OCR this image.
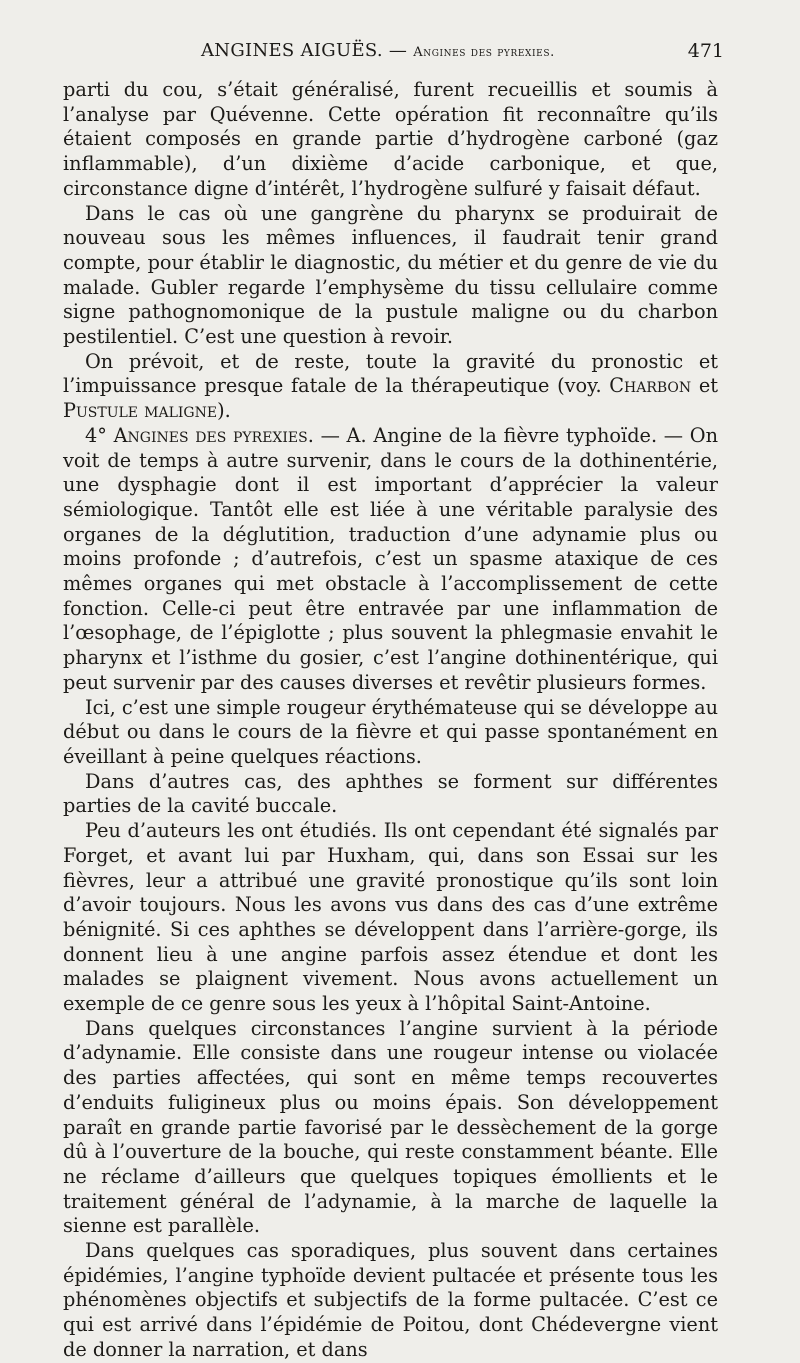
ANGINES AIGUËS. — Angines des pyrexies.	471

parti du cou, s’était généralisé, furent recueillis et soumis à l’analyse par Quévenne. Cette opération fit reconnaître qu’ils étaient composés en grande partie d’hydrogène carboné (gaz inflammable), d’un dixième d’acide carbonique, et que, circonstance digne d’intérêt, l’hydrogène sulfuré y faisait défaut.

Dans le cas où une gangrène du pharynx se produirait de nouveau sous les mêmes influences, il faudrait tenir grand compte, pour établir le diagnostic, du métier et du genre de vie du malade. Gubler regarde l’emphysème du tissu cellulaire comme signe pathognomonique de la pustule maligne ou du charbon pestilentiel. C’est une question à revoir.

On prévoit, et de reste, toute la gravité du pronostic et l’impuissance presque fatale de la thérapeutique (voy. Charbon et Pustule maligne).

4° Angines des pyrexies. — A. Angine de la fièvre typhoïde. — On voit de temps à autre survenir, dans le cours de la dothinentérie, une dysphagie dont il est important d’apprécier la valeur sémiologique. Tantôt elle est liée à une véritable paralysie des organes de la déglutition, traduction d’une adynamie plus ou moins profonde ; d’autrefois, c’est un spasme ataxique de ces mêmes organes qui met obstacle à l’accomplissement de cette fonction. Celle-ci peut être entravée par une inflammation de l’œsophage, de l’épiglotte ; plus souvent la phlegmasie envahit le pharynx et l’isthme du gosier, c’est l’angine dothinentérique, qui peut survenir par des causes diverses et revêtir plusieurs formes.

Ici, c’est une simple rougeur érythémateuse qui se développe au début ou dans le cours de la fièvre et qui passe spontanément en éveillant à peine quelques réactions.

Dans d’autres cas, des aphthes se forment sur différentes parties de la cavité buccale.

Peu d’auteurs les ont étudiés. Ils ont cependant été signalés par Forget, et avant lui par Huxham, qui, dans son Essai sur les fièvres, leur a attribué une gravité pronostique qu’ils sont loin d’avoir toujours. Nous les avons vus dans des cas d’une extrême bénignité. Si ces aphthes se développent dans l’arrière-gorge, ils donnent lieu à une angine parfois assez étendue et dont les malades se plaignent vivement. Nous avons actuellement un exemple de ce genre sous les yeux à l’hôpital Saint-Antoine.

Dans quelques circonstances l’angine survient à la période d’adynamie. Elle consiste dans une rougeur intense ou violacée des parties affectées, qui sont en même temps recouvertes d’enduits fuligineux plus ou moins épais. Son développement paraît en grande partie favorisé par le dessèchement de la gorge dû à l’ouverture de la bouche, qui reste constamment béante. Elle ne réclame d’ailleurs que quelques topiques émollients et le traitement général de l’adynamie, à la marche de laquelle la sienne est parallèle.

Dans quelques cas sporadiques, plus souvent dans certaines épidémies, l’angine typhoïde devient pultacée et présente tous les phénomènes objectifs et subjectifs de la forme pultacée. C’est ce qui est arrivé dans l’épidémie de Poitou, dont Chédevergne vient de donner la narration, et dans
